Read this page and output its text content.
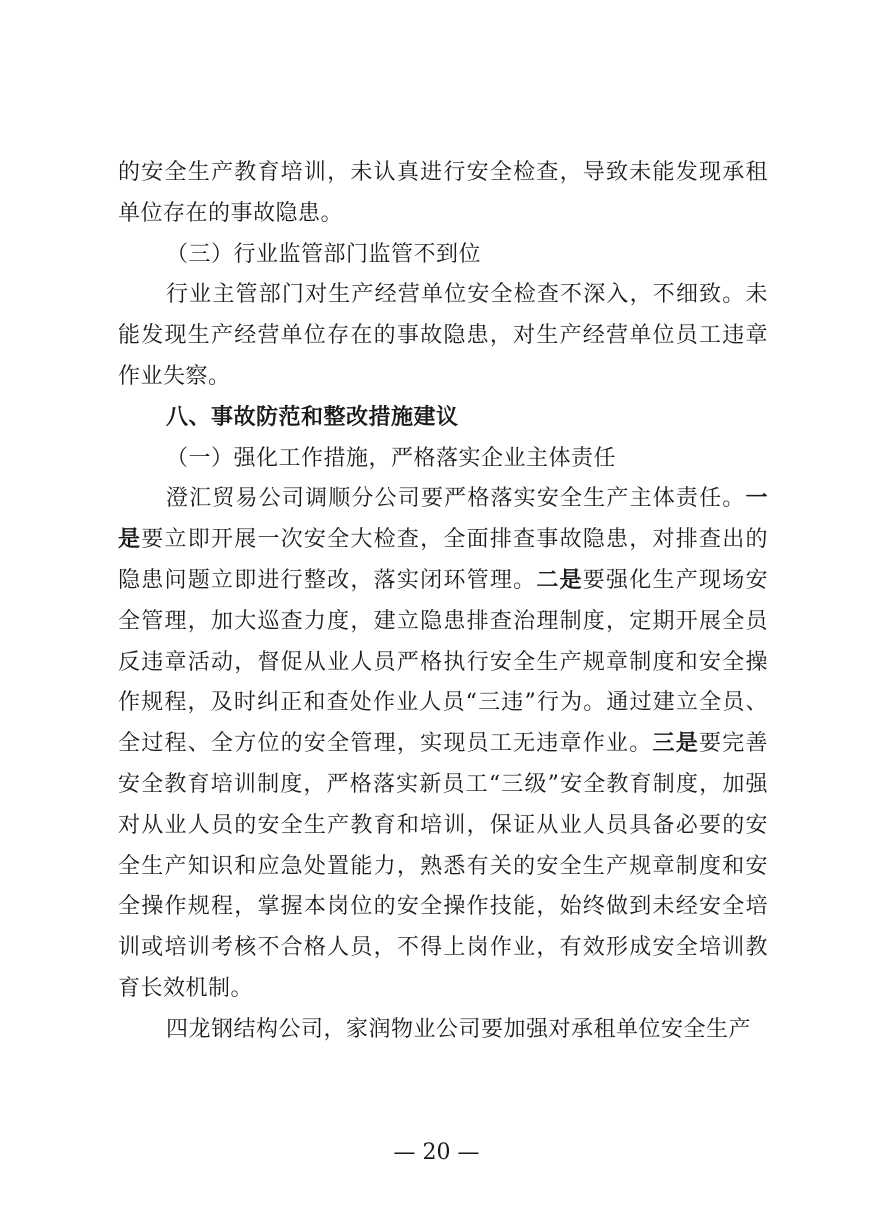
的安全生产教育培训，未认真进行安全检查，导致未能发现承租单位存在的事故隐患。

（三）行业监管部门监管不到位

行业主管部门对生产经营单位安全检查不深入，不细致。未能发现生产经营单位存在的事故隐患，对生产经营单位员工违章作业失察。

八、事故防范和整改措施建议

（一）强化工作措施，严格落实企业主体责任

澄汇贸易公司调顺分公司要严格落实安全生产主体责任。一是要立即开展一次安全大检查，全面排查事故隐患，对排查出的隐患问题立即进行整改，落实闭环管理。二是要强化生产现场安全管理，加大巡查力度，建立隐患排查治理制度，定期开展全员反违章活动，督促从业人员严格执行安全生产规章制度和安全操作规程，及时纠正和查处作业人员“三违”行为。通过建立全员、全过程、全方位的安全管理，实现员工无违章作业。三是要完善安全教育培训制度，严格落实新员工“三级”安全教育制度，加强对从业人员的安全生产教育和培训，保证从业人员具备必要的安全生产知识和应急处置能力，熟悉有关的安全生产规章制度和安全操作规程，掌握本岗位的安全操作技能，始终做到未经安全培训或培训考核不合格人员，不得上岗作业，有效形成安全培训教育长效机制。

四龙钢结构公司，家润物业公司要加强对承租单位安全生产

— 20 —
